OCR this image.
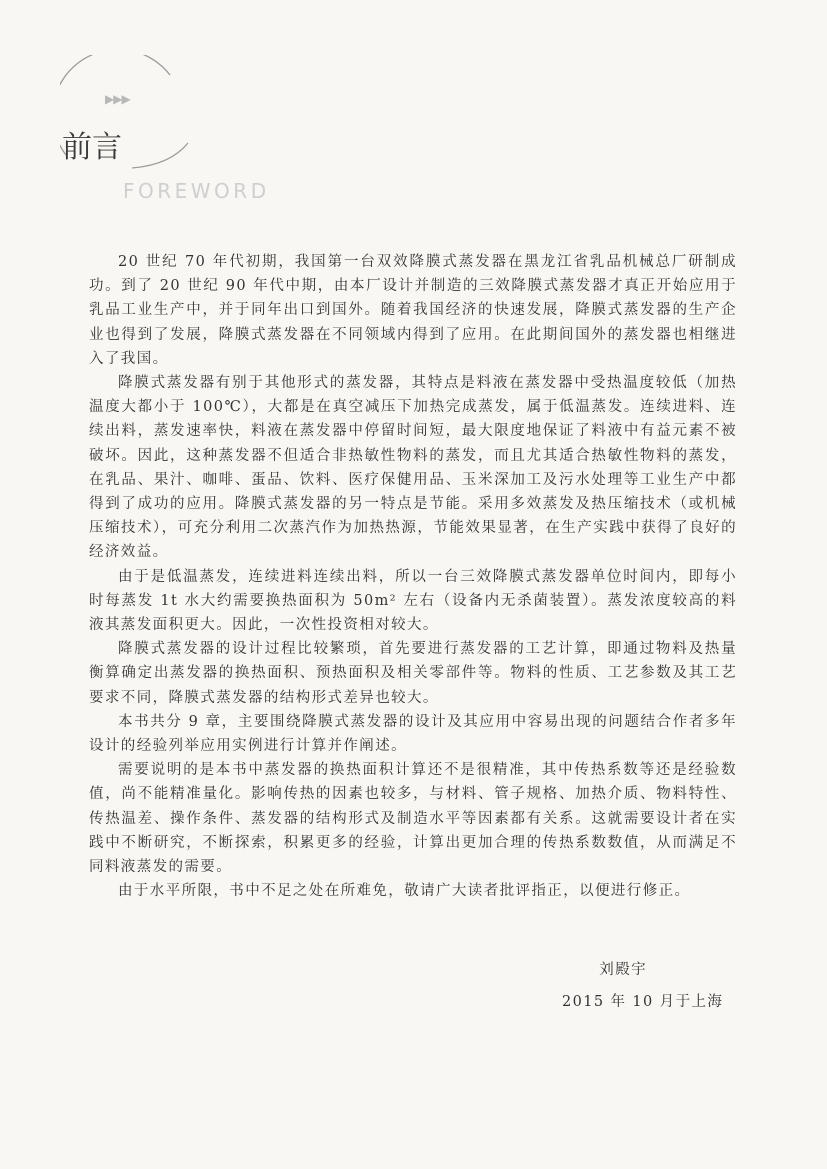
▶▶▶
前言
FOREWORD

20 世纪 70 年代初期，我国第一台双效降膜式蒸发器在黑龙江省乳品机械总厂研制成功。到了 20 世纪 90 年代中期，由本厂设计并制造的三效降膜式蒸发器才真正开始应用于乳品工业生产中，并于同年出口到国外。随着我国经济的快速发展，降膜式蒸发器的生产企业也得到了发展，降膜式蒸发器在不同领域内得到了应用。在此期间国外的蒸发器也相继进入了我国。

降膜式蒸发器有别于其他形式的蒸发器，其特点是料液在蒸发器中受热温度较低（加热温度大都小于 100℃），大都是在真空减压下加热完成蒸发，属于低温蒸发。连续进料、连续出料，蒸发速率快，料液在蒸发器中停留时间短，最大限度地保证了料液中有益元素不被破坏。因此，这种蒸发器不但适合非热敏性物料的蒸发，而且尤其适合热敏性物料的蒸发，在乳品、果汁、咖啡、蛋品、饮料、医疗保健用品、玉米深加工及污水处理等工业生产中都得到了成功的应用。降膜式蒸发器的另一特点是节能。采用多效蒸发及热压缩技术（或机械压缩技术），可充分利用二次蒸汽作为加热热源，节能效果显著，在生产实践中获得了良好的经济效益。

由于是低温蒸发，连续进料连续出料，所以一台三效降膜式蒸发器单位时间内，即每小时每蒸发 1t 水大约需要换热面积为 50m² 左右（设备内无杀菌装置）。蒸发浓度较高的料液其蒸发面积更大。因此，一次性投资相对较大。

降膜式蒸发器的设计过程比较繁琐，首先要进行蒸发器的工艺计算，即通过物料及热量衡算确定出蒸发器的换热面积、预热面积及相关零部件等。物料的性质、工艺参数及其工艺要求不同，降膜式蒸发器的结构形式差异也较大。

本书共分 9 章，主要围绕降膜式蒸发器的设计及其应用中容易出现的问题结合作者多年设计的经验列举应用实例进行计算并作阐述。

需要说明的是本书中蒸发器的换热面积计算还不是很精准，其中传热系数等还是经验数值，尚不能精准量化。影响传热的因素也较多，与材料、管子规格、加热介质、物料特性、传热温差、操作条件、蒸发器的结构形式及制造水平等因素都有关系。这就需要设计者在实践中不断研究，不断探索，积累更多的经验，计算出更加合理的传热系数数值，从而满足不同料液蒸发的需要。

由于水平所限，书中不足之处在所难免，敬请广大读者批评指正，以便进行修正。

刘殿宇
2015 年 10 月于上海
